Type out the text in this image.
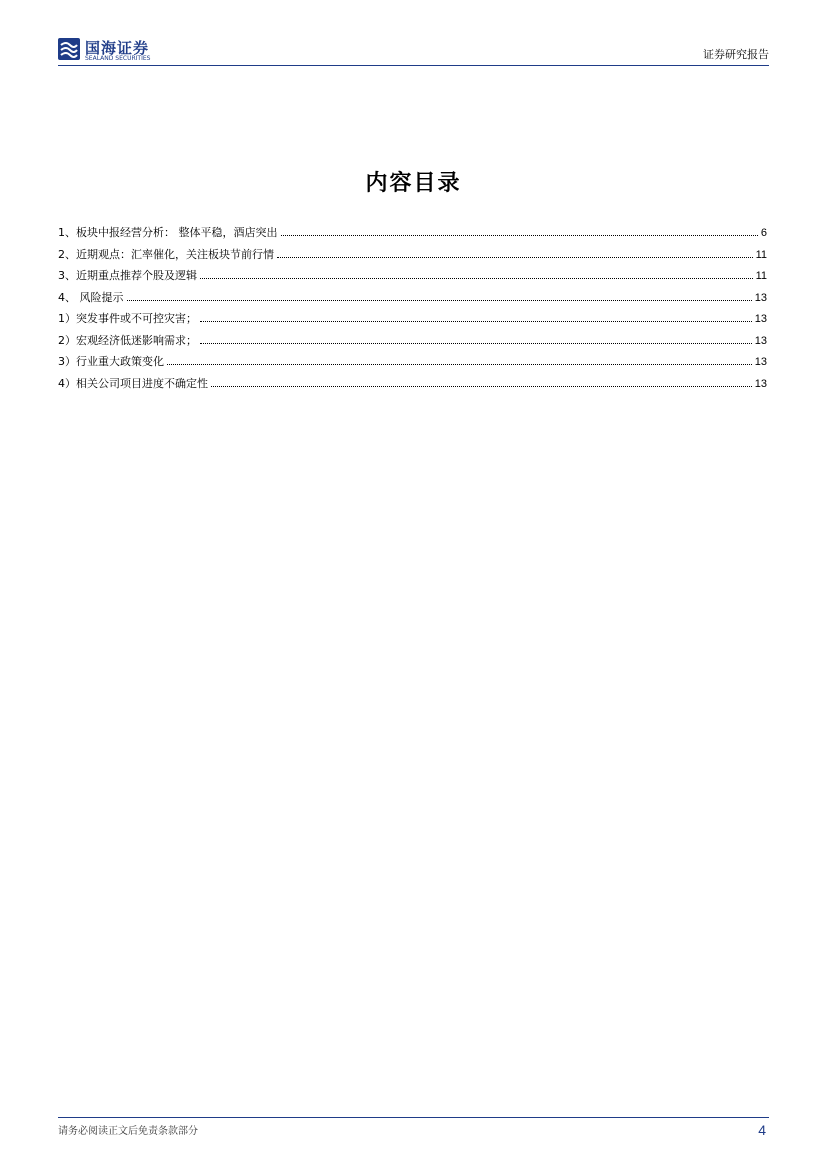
国海证券
SEALAND SECURITIES	证券研究报告
内容目录
1、板块中报经营分析： 整体平稳，酒店突出	6
2、近期观点：汇率催化，关注板块节前行情	11
3、近期重点推荐个股及逻辑	11
4、 风险提示	13
1）突发事件或不可控灾害；	13
2）宏观经济低迷影响需求；	13
3）行业重大政策变化	13
4）相关公司项目进度不确定性	13
请务必阅读正文后免责条款部分	4
